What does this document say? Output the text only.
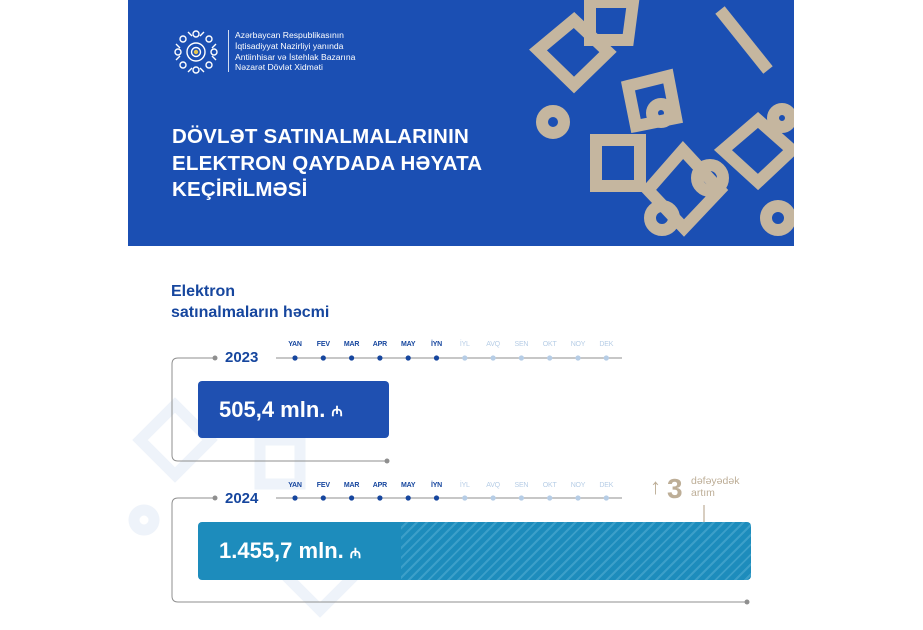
Azərbaycan Respublikasının
İqtisadiyyat Nazirliyi yanında
Antiinhisar və İstehlak Bazarına
Nəzarət Dövlət Xidməti
DÖVLƏT SATINALMALARININ
ELEKTRON QAYDADA HƏYATA
KEÇİRİLMƏSİ
Elektron
satınalmaların həcmi
2023
2024
YAN	FEV	MAR	APR	MAY	İYN	İYL	AVQ	SEN	OKT	NOY	DEK
YAN	FEV	MAR	APR	MAY	İYN	İYL	AVQ	SEN	OKT	NOY	DEK
505,4 mln. ₼
1.455,7 mln. ₼
↑ 3 dəfəyədək
artım
